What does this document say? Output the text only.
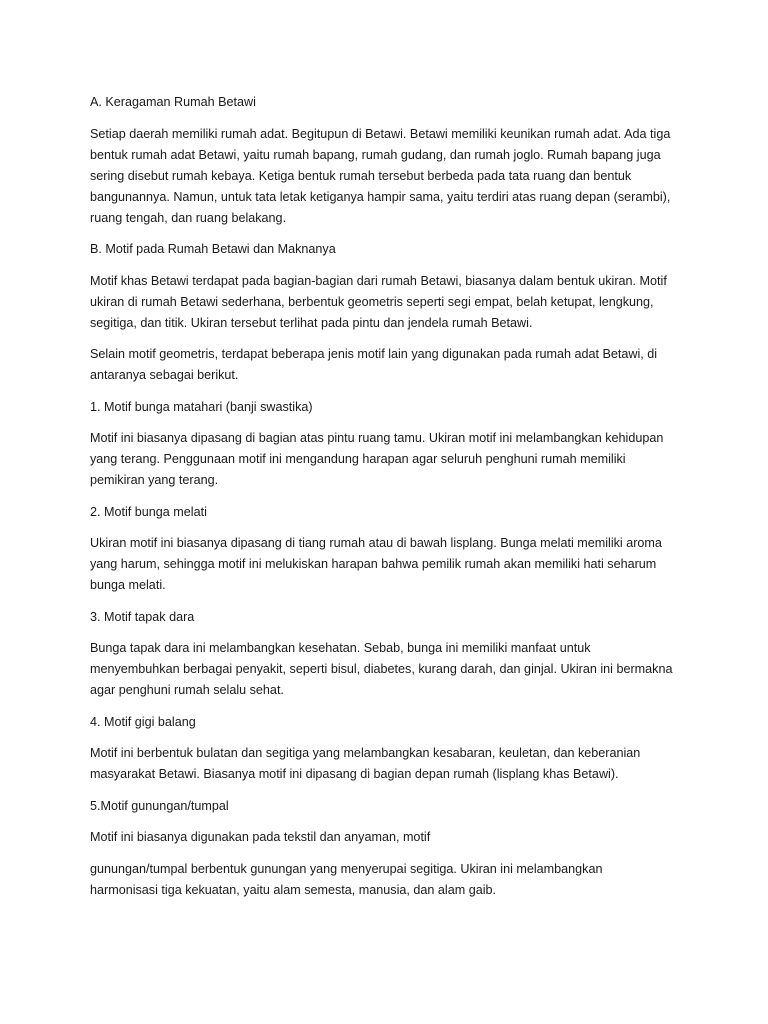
A. Keragaman Rumah Betawi
Setiap daerah memiliki rumah adat. Begitupun di Betawi. Betawi memiliki keunikan rumah adat. Ada tiga
bentuk rumah adat Betawi, yaitu rumah bapang, rumah gudang, dan rumah joglo. Rumah bapang juga
sering disebut rumah kebaya. Ketiga bentuk rumah tersebut berbeda pada tata ruang dan bentuk
bangunannya. Namun, untuk tata letak ketiganya hampir sama, yaitu terdiri atas ruang depan (serambi),
ruang tengah, dan ruang belakang.
B. Motif pada Rumah Betawi dan Maknanya
Motif khas Betawi terdapat pada bagian-bagian dari rumah Betawi, biasanya dalam bentuk ukiran. Motif
ukiran di rumah Betawi sederhana, berbentuk geometris seperti segi empat, belah ketupat, lengkung,
segitiga, dan titik. Ukiran tersebut terlihat pada pintu dan jendela rumah Betawi.
Selain motif geometris, terdapat beberapa jenis motif lain yang digunakan pada rumah adat Betawi, di
antaranya sebagai berikut.
1. Motif bunga matahari (banji swastika)
Motif ini biasanya dipasang di bagian atas pintu ruang tamu. Ukiran motif ini melambangkan kehidupan
yang terang. Penggunaan motif ini mengandung harapan agar seluruh penghuni rumah memiliki
pemikiran yang terang.
2. Motif bunga melati
Ukiran motif ini biasanya dipasang di tiang rumah atau di bawah lisplang. Bunga melati memiliki aroma
yang harum, sehingga motif ini melukiskan harapan bahwa pemilik rumah akan memiliki hati seharum
bunga melati.
3. Motif tapak dara
Bunga tapak dara ini melambangkan kesehatan. Sebab, bunga ini memiliki manfaat untuk
menyembuhkan berbagai penyakit, seperti bisul, diabetes, kurang darah, dan ginjal. Ukiran ini bermakna
agar penghuni rumah selalu sehat.
4. Motif gigi balang
Motif ini berbentuk bulatan dan segitiga yang melambangkan kesabaran, keuletan, dan keberanian
masyarakat Betawi. Biasanya motif ini dipasang di bagian depan rumah (lisplang khas Betawi).
5.Motif gunungan/tumpal
Motif ini biasanya digunakan pada tekstil dan anyaman, motif
gunungan/tumpal berbentuk gunungan yang menyerupai segitiga. Ukiran ini melambangkan
harmonisasi tiga kekuatan, yaitu alam semesta, manusia, dan alam gaib.
